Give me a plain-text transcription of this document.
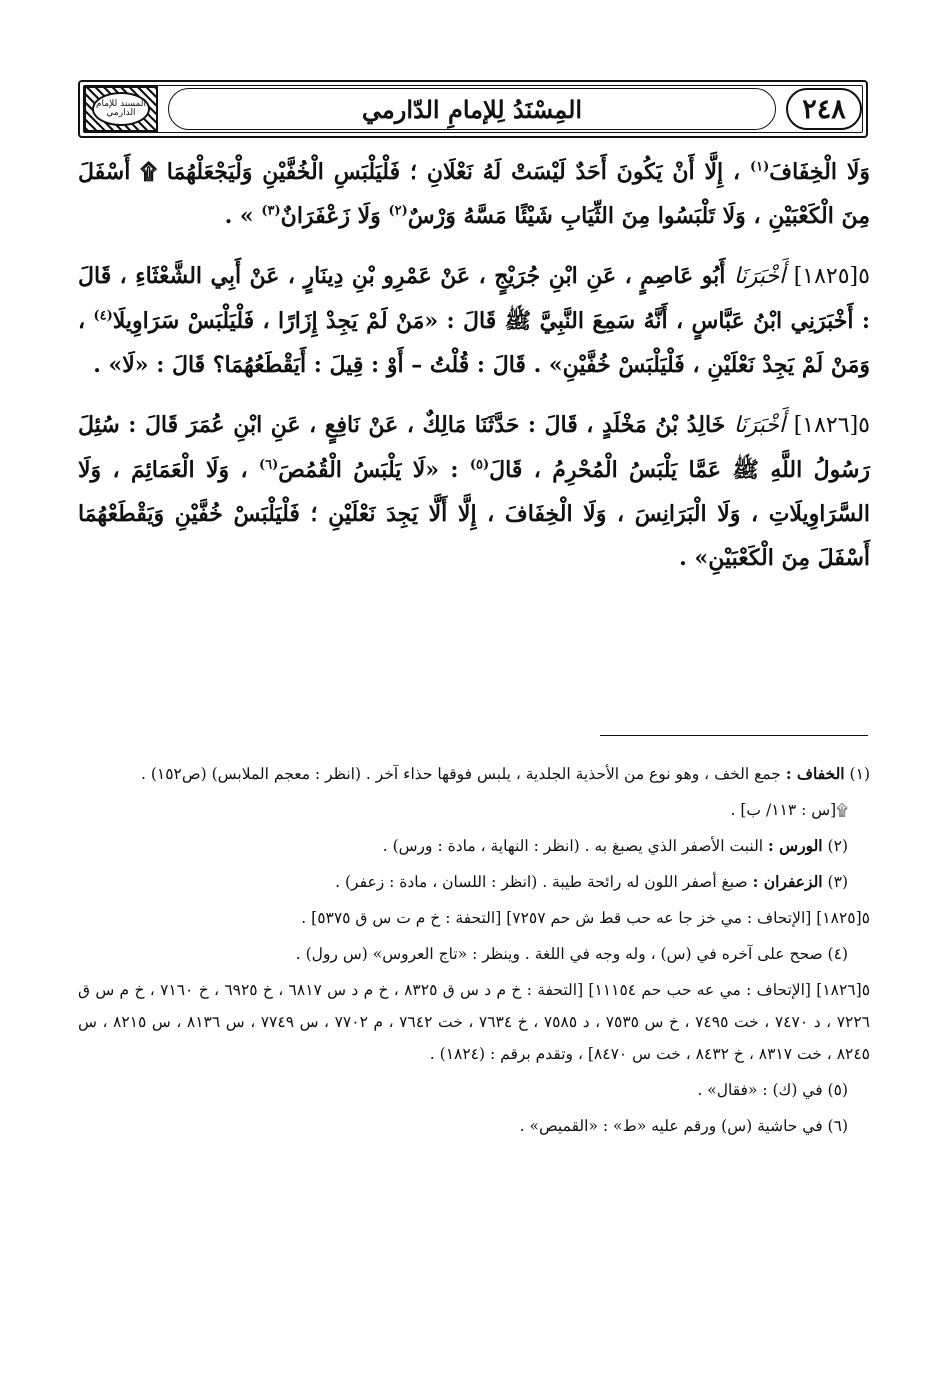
المسند للإمام الدارمي	المِسْنَدُ لِلإمامِ الدّارمي	٢٤٨

وَلَا الْخِفَافَ$^{(١)}$ ، إِلَّا أَنْ يَكُونَ أَحَدٌ لَيْسَتْ لَهُ نَعْلَانِ ؛ فَلْيَلْبَسِ الْخُفَّيْنِ وَلْيَجْعَلْهُمَا ۩ أَسْفَلَ مِنَ الْكَعْبَيْنِ ، وَلَا تَلْبَسُوا مِنَ الثِّيَابِ شَيْئًا مَسَّهُ وَرْسٌ$^{(٢)}$ وَلَا زَعْفَرَانٌ$^{(٣)}$ » .

٥[١٨٢٥] أَخْبَرَنَا أَبُو عَاصِمٍ ، عَنِ ابْنِ جُرَيْجٍ ، عَنْ عَمْرِو بْنِ دِينَارٍ ، عَنْ أَبِي الشَّعْثَاءِ ، قَالَ : أَخْبَرَنِي ابْنُ عَبَّاسٍ ، أَنَّهُ سَمِعَ النَّبِيَّ ﷺ قَالَ : «مَنْ لَمْ يَجِدْ إِزَارًا ، فَلْيَلْبَسْ سَرَاوِيلَا$^{(٤)}$ ، وَمَنْ لَمْ يَجِدْ نَعْلَيْنِ ، فَلْيَلْبَسْ خُفَّيْنِ» . قَالَ : قُلْتُ – أَوْ : قِيلَ : أَيَقْطَعُهُمَا؟ قَالَ : «لَا» .

٥[١٨٢٦] أَخْبَرَنَا خَالِدُ بْنُ مَخْلَدٍ ، قَالَ : حَدَّثَنَا مَالِكٌ ، عَنْ نَافِعٍ ، عَنِ ابْنِ عُمَرَ قَالَ : سُئِلَ رَسُولُ اللَّهِ ﷺ عَمَّا يَلْبَسُ الْمُحْرِمُ ، قَالَ$^{(٥)}$ : «لَا يَلْبَسُ الْقُمُصَ$^{(٦)}$ ، وَلَا الْعَمَائِمَ ، وَلَا السَّرَاوِيلَاتِ ، وَلَا الْبَرَانِسَ ، وَلَا الْخِفَافَ ، إِلَّا أَلَّا يَجِدَ نَعْلَيْنِ ؛ فَلْيَلْبَسْ خُفَّيْنِ وَيَقْطَعْهُمَا أَسْفَلَ مِنَ الْكَعْبَيْنِ» .

(١) الخفاف : جمع الخف ، وهو نوع من الأحذية الجلدية ، يلبس فوقها حذاء آخر . (انظر : معجم الملابس) (ص١٥٢) .

۩[س : ١١٣/ ب] .

(٢) الورس : النبت الأصفر الذي يصبغ به . (انظر : النهاية ، مادة : ورس) .

(٣) الزعفران : صبغ أصفر اللون له رائحة طيبة . (انظر : اللسان ، مادة : زعفر) .

٥[١٨٢٥] [الإتحاف : مي خز جا عه حب قط ش حم ٧٢٥٧] [التحفة : خ م ت س ق ٥٣٧٥] .

(٤) صحح على آخره في (س) ، وله وجه في اللغة . وينظر : «تاج العروس» (س رول) .

٥[١٨٢٦] [الإتحاف : مي عه حب حم ١١١٥٤] [التحفة : خ م د س ق ٨٣٢٥ ، خ م د س ٦٨١٧ ، خ ٦٩٢٥ ، خ ٧١٦٠ ، خ م س ق ٧٢٢٦ ، د ٧٤٧٠ ، خت ٧٤٩٥ ، خ س ٧٥٣٥ ، د ٧٥٨٥ ، خ ٧٦٣٤ ، خت ٧٦٤٢ ، م ٧٧٠٢ ، س ٧٧٤٩ ، س ٨١٣٦ ، س ٨٢١٥ ، س ٨٢٤٥ ، خت ٨٣١٧ ، خ ٨٤٣٢ ، خت س ٨٤٧٠] ، وتقدم برقم : (١٨٢٤) .

(٥) في (ك) : «فقال» .

(٦) في حاشية (س) ورقم عليه «ط» : «القميص» .
